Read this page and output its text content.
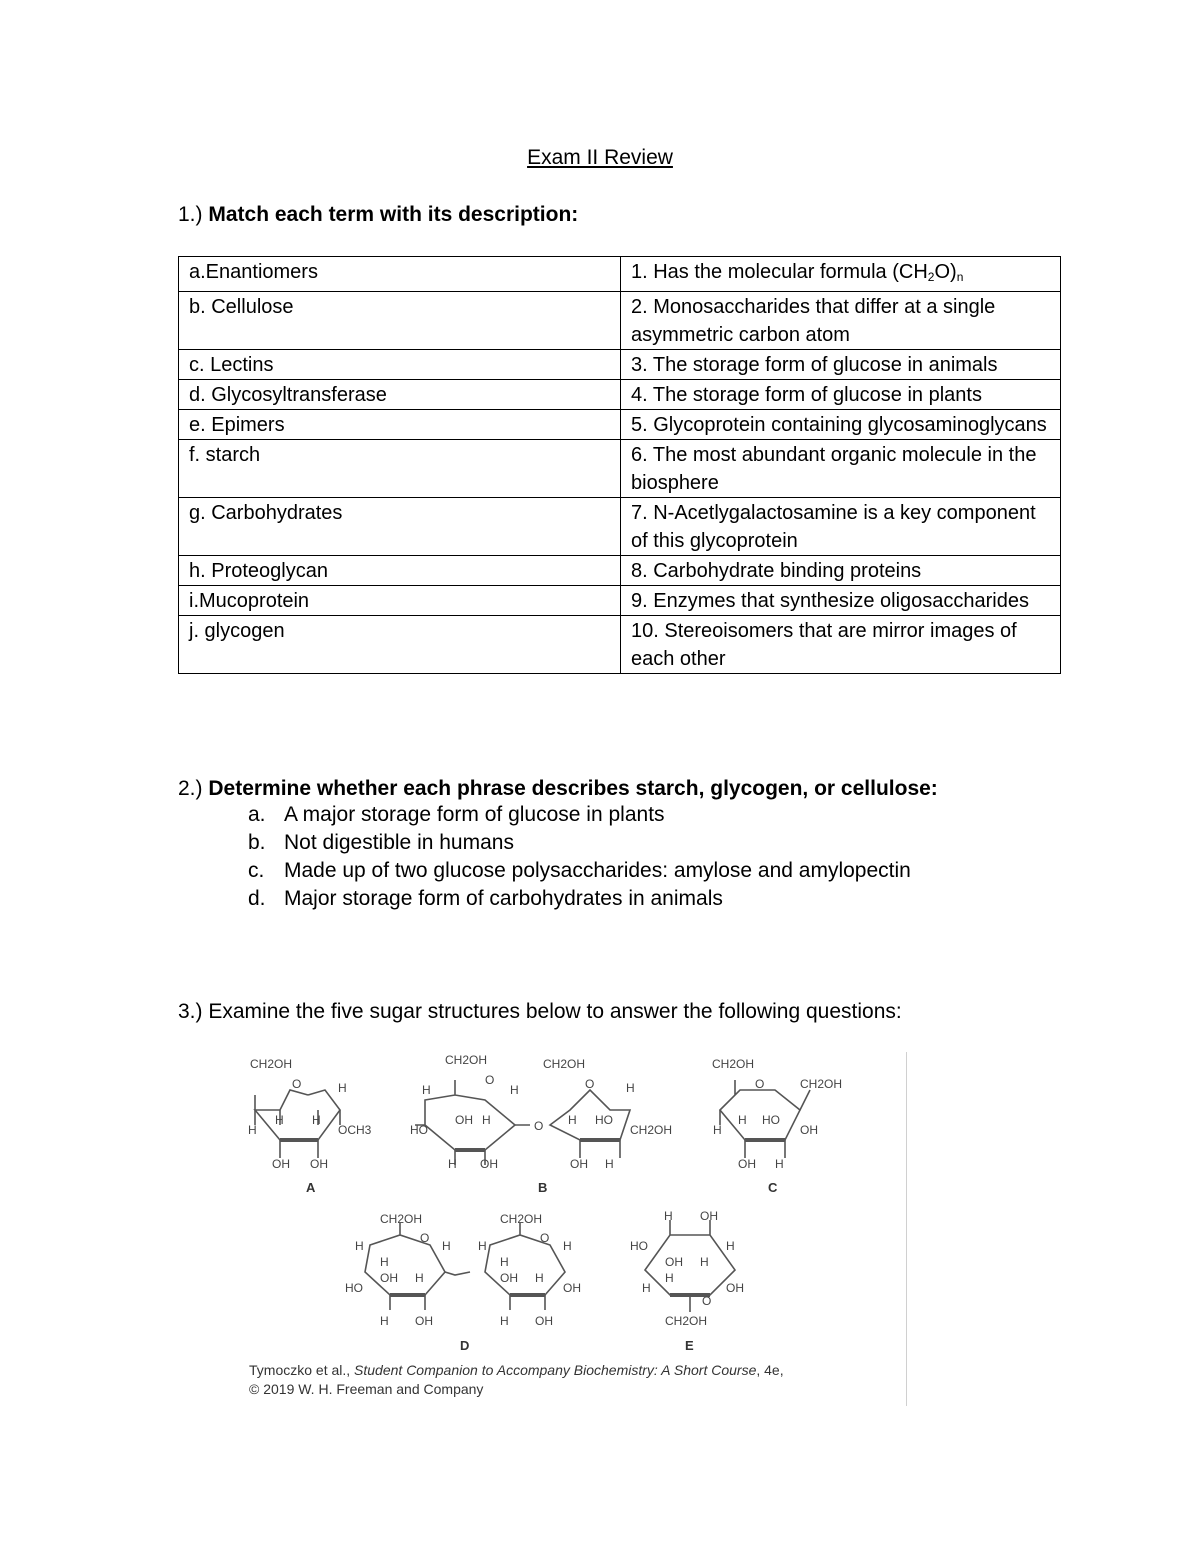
Exam II Review
1.) Match each term with its description:
a.Enantiomers	1. Has the molecular formula $(CH_2O)_n$
b. Cellulose	2. Monosaccharides that differ at a single asymmetric carbon atom
c. Lectins	3. The storage form of glucose in animals
d. Glycosyltransferase	4. The storage form of glucose in plants
e. Epimers	5. Glycoprotein containing glycosaminoglycans
f. starch	6. The most abundant organic molecule in the biosphere
g. Carbohydrates	7. N-Acetlygalactosamine is a key component of this glycoprotein
h. Proteoglycan	8. Carbohydrate binding proteins
i.Mucoprotein	9. Enzymes that synthesize oligosaccharides
j. glycogen	10. Stereoisomers that are mirror images of each other
2.) Determine whether each phrase describes starch, glycogen, or cellulose:
a. A major storage form of glucose in plants
b. Not digestible in humans
c. Made up of two glucose polysaccharides: amylose and amylopectin
d. Major storage form of carbohydrates in animals
3.) Examine the five sugar structures below to answer the following questions:
CH2OH
O	H
H H
H	OCH3
OH OH
CH2OH
O
H	H
OH H
HO	O
H OH
CH2OH
O	H
H HO
CH2OH
OH H
CH2OH
O	CH2OH
H HO
H	OH
OH H
CH2OH
O
H	H
H
OH H
HO
H OH
CH2OH
O
H	H
H
OH H
OH
H OH
H OH
HO	H
OH H
H
H	OH
O
CH2OH
A	B	C
D	E
Tymoczko et al., Student Companion to Accompany Biochemistry: A Short Course, 4e,
© 2019 W. H. Freeman and Company
